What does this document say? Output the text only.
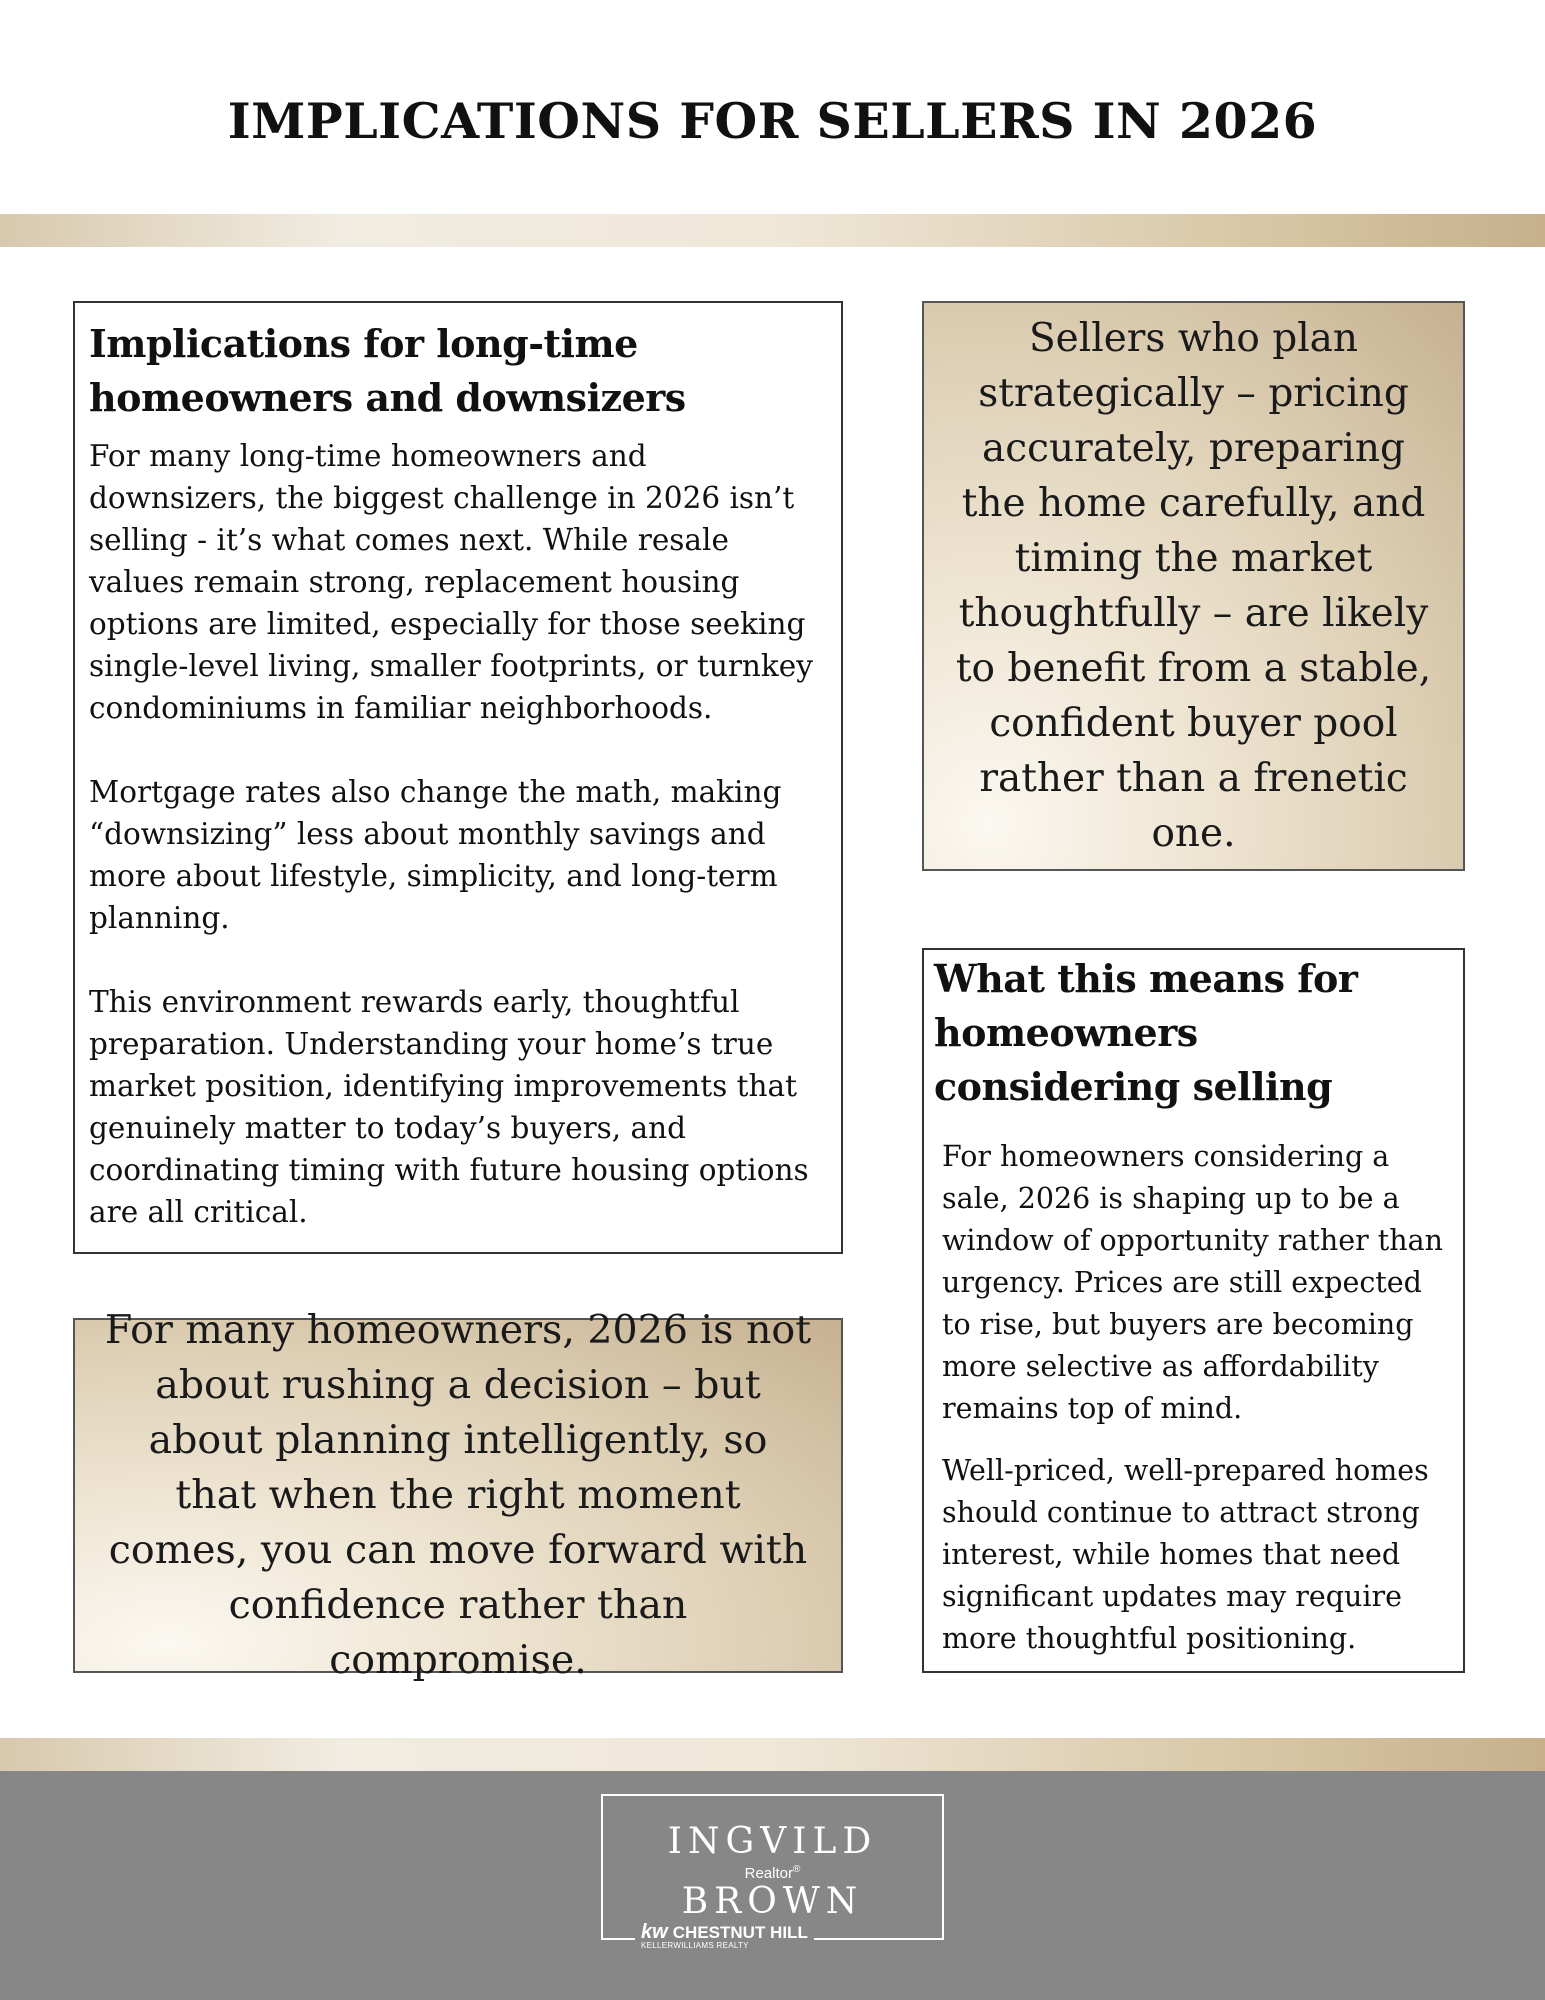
IMPLICATIONS FOR SELLERS IN 2026
Implications for long-time homeowners and downsizers

For many long-time homeowners and downsizers, the biggest challenge in 2026 isn’t selling - it’s what comes next. While resale values remain strong, replacement housing options are limited, especially for those seeking single-level living, smaller footprints, or turnkey condominiums in familiar neighborhoods.

Mortgage rates also change the math, making “downsizing” less about monthly savings and more about lifestyle, simplicity, and long-term planning.

This environment rewards early, thoughtful preparation. Understanding your home’s true market position, identifying improvements that genuinely matter to today’s buyers, and coordinating timing with future housing options are all critical.

Sellers who plan strategically – pricing accurately, preparing the home carefully, and timing the market thoughtfully – are likely to benefit from a stable, confident buyer pool rather than a frenetic one.

What this means for homeowners considering selling

For homeowners considering a sale, 2026 is shaping up to be a window of opportunity rather than urgency. Prices are still expected to rise, but buyers are becoming more selective as affordability remains top of mind.

Well-priced, well-prepared homes should continue to attract strong interest, while homes that need significant updates may require more thoughtful positioning.

For many homeowners, 2026 is not about rushing a decision – but about planning intelligently, so that when the right moment comes, you can move forward with confidence rather than compromise.

INGVILD
Realtor®
BROWN
kw CHESTNUT HILL
KELLERWILLIAMS REALTY
